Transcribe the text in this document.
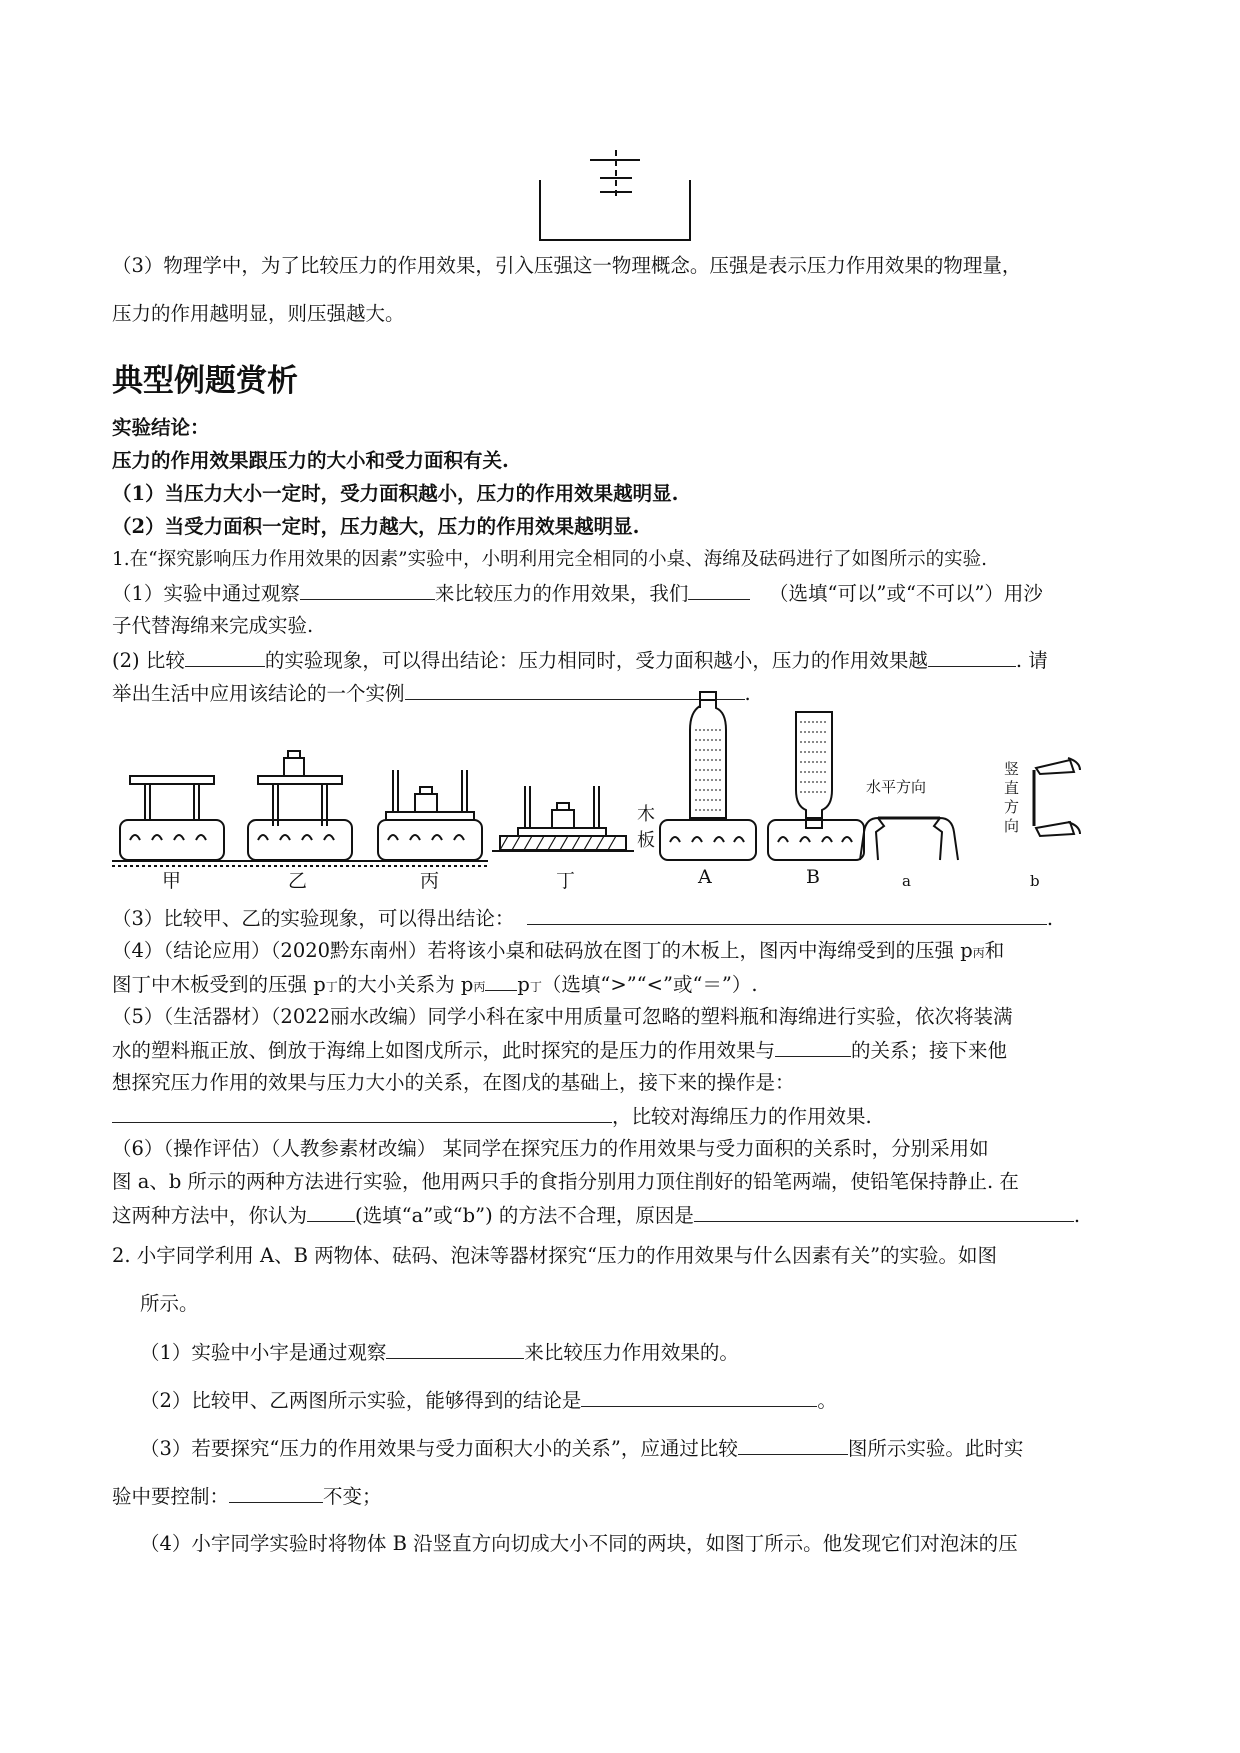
（3）物理学中，为了比较压力的作用效果，引入压强这一物理概念。压强是表示压力作用效果的物理量，
压力的作用越明显，则压强越大。
典型例题赏析
实验结论：
压力的作用效果跟压力的大小和受力面积有关.
（1）当压力大小一定时，受力面积越小，压力的作用效果越明显.
（2）当受力面积一定时，压力越大，压力的作用效果越明显.
1.在“探究影响压力作用效果的因素”实验中，小明利用完全相同的小桌、海绵及砝码进行了如图所示的实验.
（1）实验中通过观察	来比较压力的作用效果，我们	（选填“可以”或“不可以”）用沙
子代替海绵来完成实验.
(2) 比较	的实验现象，可以得出结论：压力相同时，受力面积越小，压力的作用效果越	. 请
举出生活中应用该结论的一个实例	.
甲	乙	丙	丁	A	B	a	b
木
板
水平方向
竖
直
方
向
（3）比较甲、乙的实验现象，可以得出结论：	.
（4）（结论应用）（2020黔东南州）若将该小桌和砝码放在图丁的木板上，图丙中海绵受到的压强 p丙和
图丁中木板受到的压强 p丁的大小关系为 p丙 p丁（选填“>”“<”或“＝”）.
（5）（生活器材）（2022丽水改编）同学小科在家中用质量可忽略的塑料瓶和海绵进行实验，依次将装满
水的塑料瓶正放、倒放于海绵上如图戊所示，此时探究的是压力的作用效果与	的关系；接下来他
想探究压力作用的效果与压力大小的关系，在图戊的基础上，接下来的操作是：
，比较对海绵压力的作用效果.
（6）（操作评估）（人教参素材改编） 某同学在探究压力的作用效果与受力面积的关系时，分别采用如
图 a、b 所示的两种方法进行实验，他用两只手的食指分别用力顶住削好的铅笔两端，使铅笔保持静止. 在
这两种方法中，你认为 (选填“a”或“b”) 的方法不合理，原因是	.
2. 小宇同学利用 A、B 两物体、砝码、泡沫等器材探究“压力的作用效果与什么因素有关”的实验。如图
所示。
（1）实验中小宇是通过观察	来比较压力作用效果的。
（2）比较甲、乙两图所示实验，能够得到的结论是	。
（3）若要探究“压力的作用效果与受力面积大小的关系”，应通过比较	图所示实验。此时实
验中要控制：	不变；
（4）小宇同学实验时将物体 B 沿竖直方向切成大小不同的两块，如图丁所示。他发现它们对泡沫的压
